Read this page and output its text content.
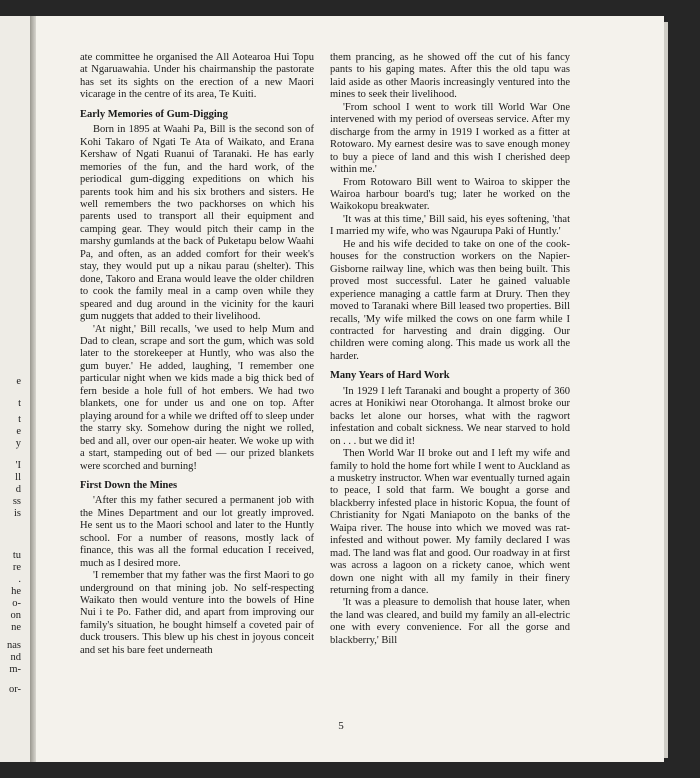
e
t
t
e
y
'I
ll
d
ss
is
tu
re
.
he
o-
on
ne
nas
nd
m-
or-

ate committee he organised the All Aotearoa Hui Topu at Ngaruawahia. Under his chairmanship the pastorate has set its sights on the erection of a new Maori vicarage in the centre of its area, Te Kuiti.

Early Memories of Gum-Digging

Born in 1895 at Waahi Pa, Bill is the second son of Kohi Takaro of Ngati Te Ata of Waikato, and Erana Kershaw of Ngati Ruanui of Taranaki. He has early memories of the fun, and the hard work, of the periodical gum-digging expeditions on which his parents took him and his six brothers and sisters. He well remembers the two packhorses on which his parents used to transport all their equipment and camping gear. They would pitch their camp in the marshy gumlands at the back of Puketapu below Waahi Pa, and often, as an added comfort for their week's stay, they would put up a nikau parau (shelter). This done, Takoro and Erana would leave the older children to cook the family meal in a camp oven while they speared and dug around in the vicinity for the kauri gum nuggets that added to their livelihood.

'At night,' Bill recalls, 'we used to help Mum and Dad to clean, scrape and sort the gum, which was sold later to the storekeeper at Huntly, who was also the gum buyer.' He added, laughing, 'I remember one particular night when we kids made a big thick bed of fern beside a hole full of hot embers. We had two blankets, one for under us and one on top. After playing around for a while we drifted off to sleep under the starry sky. Somehow during the night we rolled, bed and all, over our open-air heater. We woke up with a start, stampeding out of bed — our prized blankets were scorched and burning!

First Down the Mines

'After this my father secured a permanent job with the Mines Department and our lot greatly improved. He sent us to the Maori school and later to the Huntly school. For a number of reasons, mostly lack of finance, this was all the formal education I received, much as I desired more.

'I remember that my father was the first Maori to go underground on that mining job. No self-respecting Waikato then would venture into the bowels of Hine Nui i te Po. Father did, and apart from improving our family's situation, he bought himself a coveted pair of duck trousers. This blew up his chest in joyous conceit and set his bare feet underneath

them prancing, as he showed off the cut of his fancy pants to his gaping mates. After this the old tapu was laid aside as other Maoris increasingly ventured into the mines to seek their livelihood.

'From school I went to work till World War One intervened with my period of overseas service. After my discharge from the army in 1919 I worked as a fitter at Rotowaro. My earnest desire was to save enough money to buy a piece of land and this wish I cherished deep within me.'

From Rotowaro Bill went to Wairoa to skipper the Wairoa harbour board's tug; later he worked on the Waikokopu breakwater.

'It was at this time,' Bill said, his eyes softening, 'that I married my wife, who was Ngaurupa Paki of Huntly.'

He and his wife decided to take on one of the cook-houses for the construction workers on the Napier-Gisborne railway line, which was then being built. This proved most successful. Later he gained valuable experience managing a cattle farm at Drury. Then they moved to Taranaki where Bill leased two properties. Bill recalls, 'My wife milked the cows on one farm while I contracted for harvesting and drain digging. Our children were coming along. This made us work all the harder.

Many Years of Hard Work

'In 1929 I left Taranaki and bought a property of 360 acres at Honikiwi near Otorohanga. It almost broke our backs let alone our horses, what with the ragwort infestation and cobalt sickness. We near starved to hold on . . . but we did it!

Then World War II broke out and I left my wife and family to hold the home fort while I went to Auckland as a musketry instructor. When war eventually turned again to peace, I sold that farm. We bought a gorse and blackberry infested place in historic Kopua, the fount of Christianity for Ngati Maniapoto on the banks of the Waipa river. The house into which we moved was rat-infested and without power. My family declared I was mad. The land was flat and good. Our roadway in at first was across a lagoon on a rickety canoe, which went down one night with all my family in their finery returning from a dance.

'It was a pleasure to demolish that house later, when the land was cleared, and build my family an all-electric one with every convenience. For all the gorse and blackberry,' Bill

5
